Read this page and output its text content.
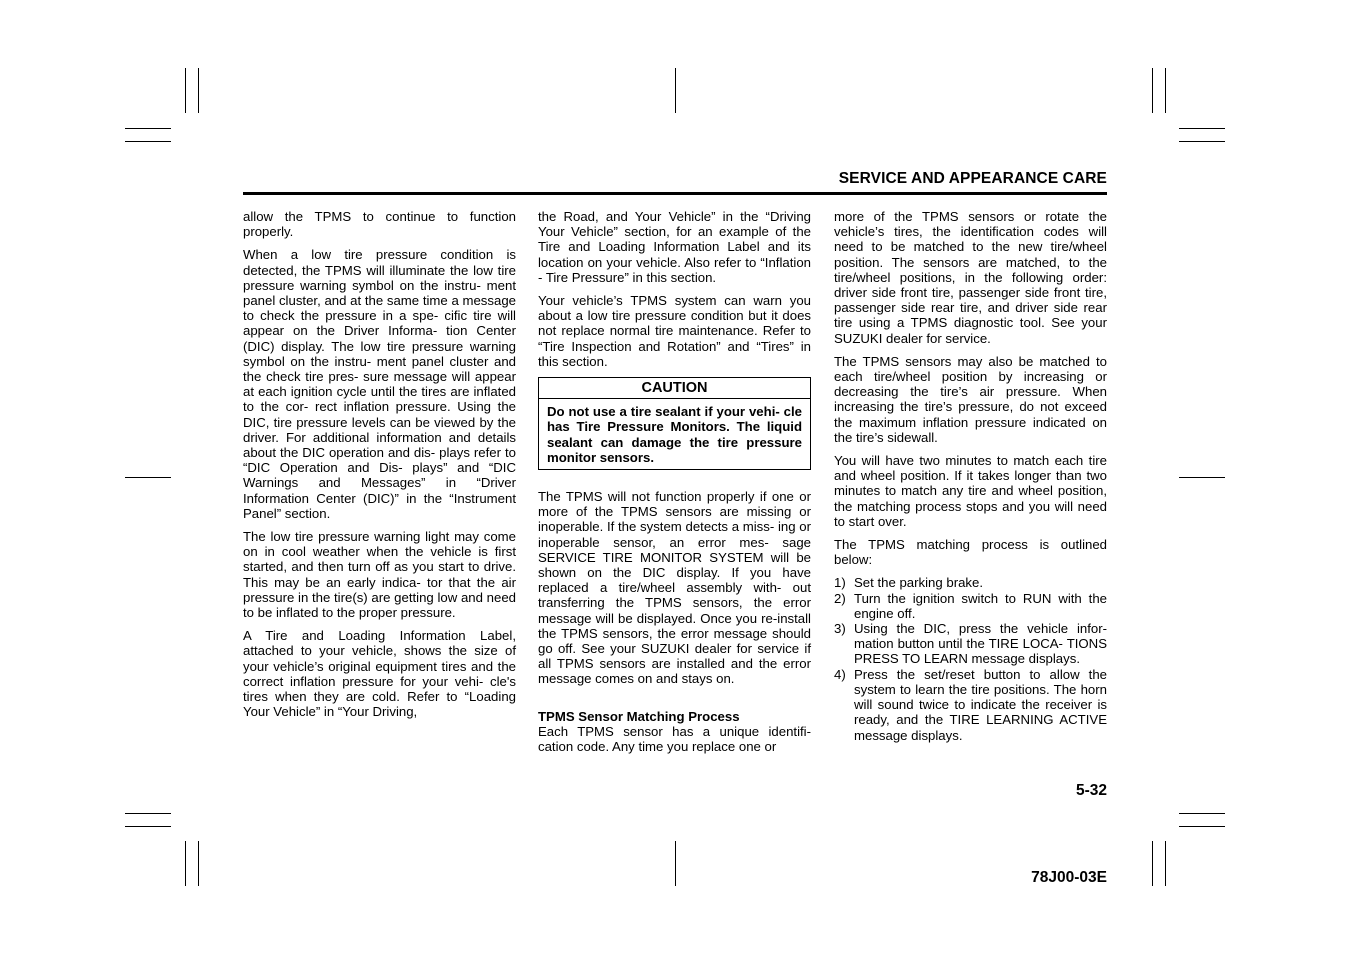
SERVICE AND APPEARANCE CARE

allow the TPMS to continue to function properly.

When a low tire pressure condition is detected, the TPMS will illuminate the low tire pressure warning symbol on the instru- ment panel cluster, and at the same time a message to check the pressure in a spe- cific tire will appear on the Driver Informa- tion Center (DIC) display. The low tire pressure warning symbol on the instru- ment panel cluster and the check tire pres- sure message will appear at each ignition cycle until the tires are inflated to the cor- rect inflation pressure. Using the DIC, tire pressure levels can be viewed by the driver. For additional information and details about the DIC operation and dis- plays refer to “DIC Operation and Dis- plays” and “DIC Warnings and Messages” in “Driver Information Center (DIC)” in the “Instrument Panel” section.

The low tire pressure warning light may come on in cool weather when the vehicle is first started, and then turn off as you start to drive. This may be an early indica- tor that the air pressure in the tire(s) are getting low and need to be inflated to the proper pressure.

A Tire and Loading Information Label, attached to your vehicle, shows the size of your vehicle’s original equipment tires and the correct inflation pressure for your vehi- cle's tires when they are cold. Refer to “Loading Your Vehicle” in “Your Driving,

the Road, and Your Vehicle” in the “Driving Your Vehicle” section, for an example of the Tire and Loading Information Label and its location on your vehicle. Also refer to “Inflation - Tire Pressure” in this section.

Your vehicle’s TPMS system can warn you about a low tire pressure condition but it does not replace normal tire maintenance. Refer to “Tire Inspection and Rotation” and “Tires” in this section.

CAUTION
Do not use a tire sealant if your vehi- cle has Tire Pressure Monitors. The liquid sealant can damage the tire pressure monitor sensors.

The TPMS will not function properly if one or more of the TPMS sensors are missing or inoperable. If the system detects a miss- ing or inoperable sensor, an error mes- sage SERVICE TIRE MONITOR SYSTEM will be shown on the DIC display. If you have replaced a tire/wheel assembly with- out transferring the TPMS sensors, the error message will be displayed. Once you re-install the TPMS sensors, the error message should go off. See your SUZUKI dealer for service if all TPMS sensors are installed and the error message comes on and stays on.

TPMS Sensor Matching Process

Each TPMS sensor has a unique identifi- cation code. Any time you replace one or

more of the TPMS sensors or rotate the vehicle’s tires, the identification codes will need to be matched to the new tire/wheel position. The sensors are matched, to the tire/wheel positions, in the following order: driver side front tire, passenger side front tire, passenger side rear tire, and driver side rear tire using a TPMS diagnostic tool. See your SUZUKI dealer for service.

The TPMS sensors may also be matched to each tire/wheel position by increasing or decreasing the tire’s air pressure. When increasing the tire’s pressure, do not exceed the maximum inflation pressure indicated on the tire’s sidewall.

You will have two minutes to match each tire and wheel position. If it takes longer than two minutes to match any tire and wheel position, the matching process stops and you will need to start over.

The TPMS matching process is outlined below:

1) Set the parking brake.
2) Turn the ignition switch to RUN with the engine off.
3) Using the DIC, press the vehicle infor- mation button until the TIRE LOCA- TIONS PRESS TO LEARN message displays.
4) Press the set/reset button to allow the system to learn the tire positions. The horn will sound twice to indicate the receiver is ready, and the TIRE LEARNING ACTIVE message displays.
5-32
78J00-03E
